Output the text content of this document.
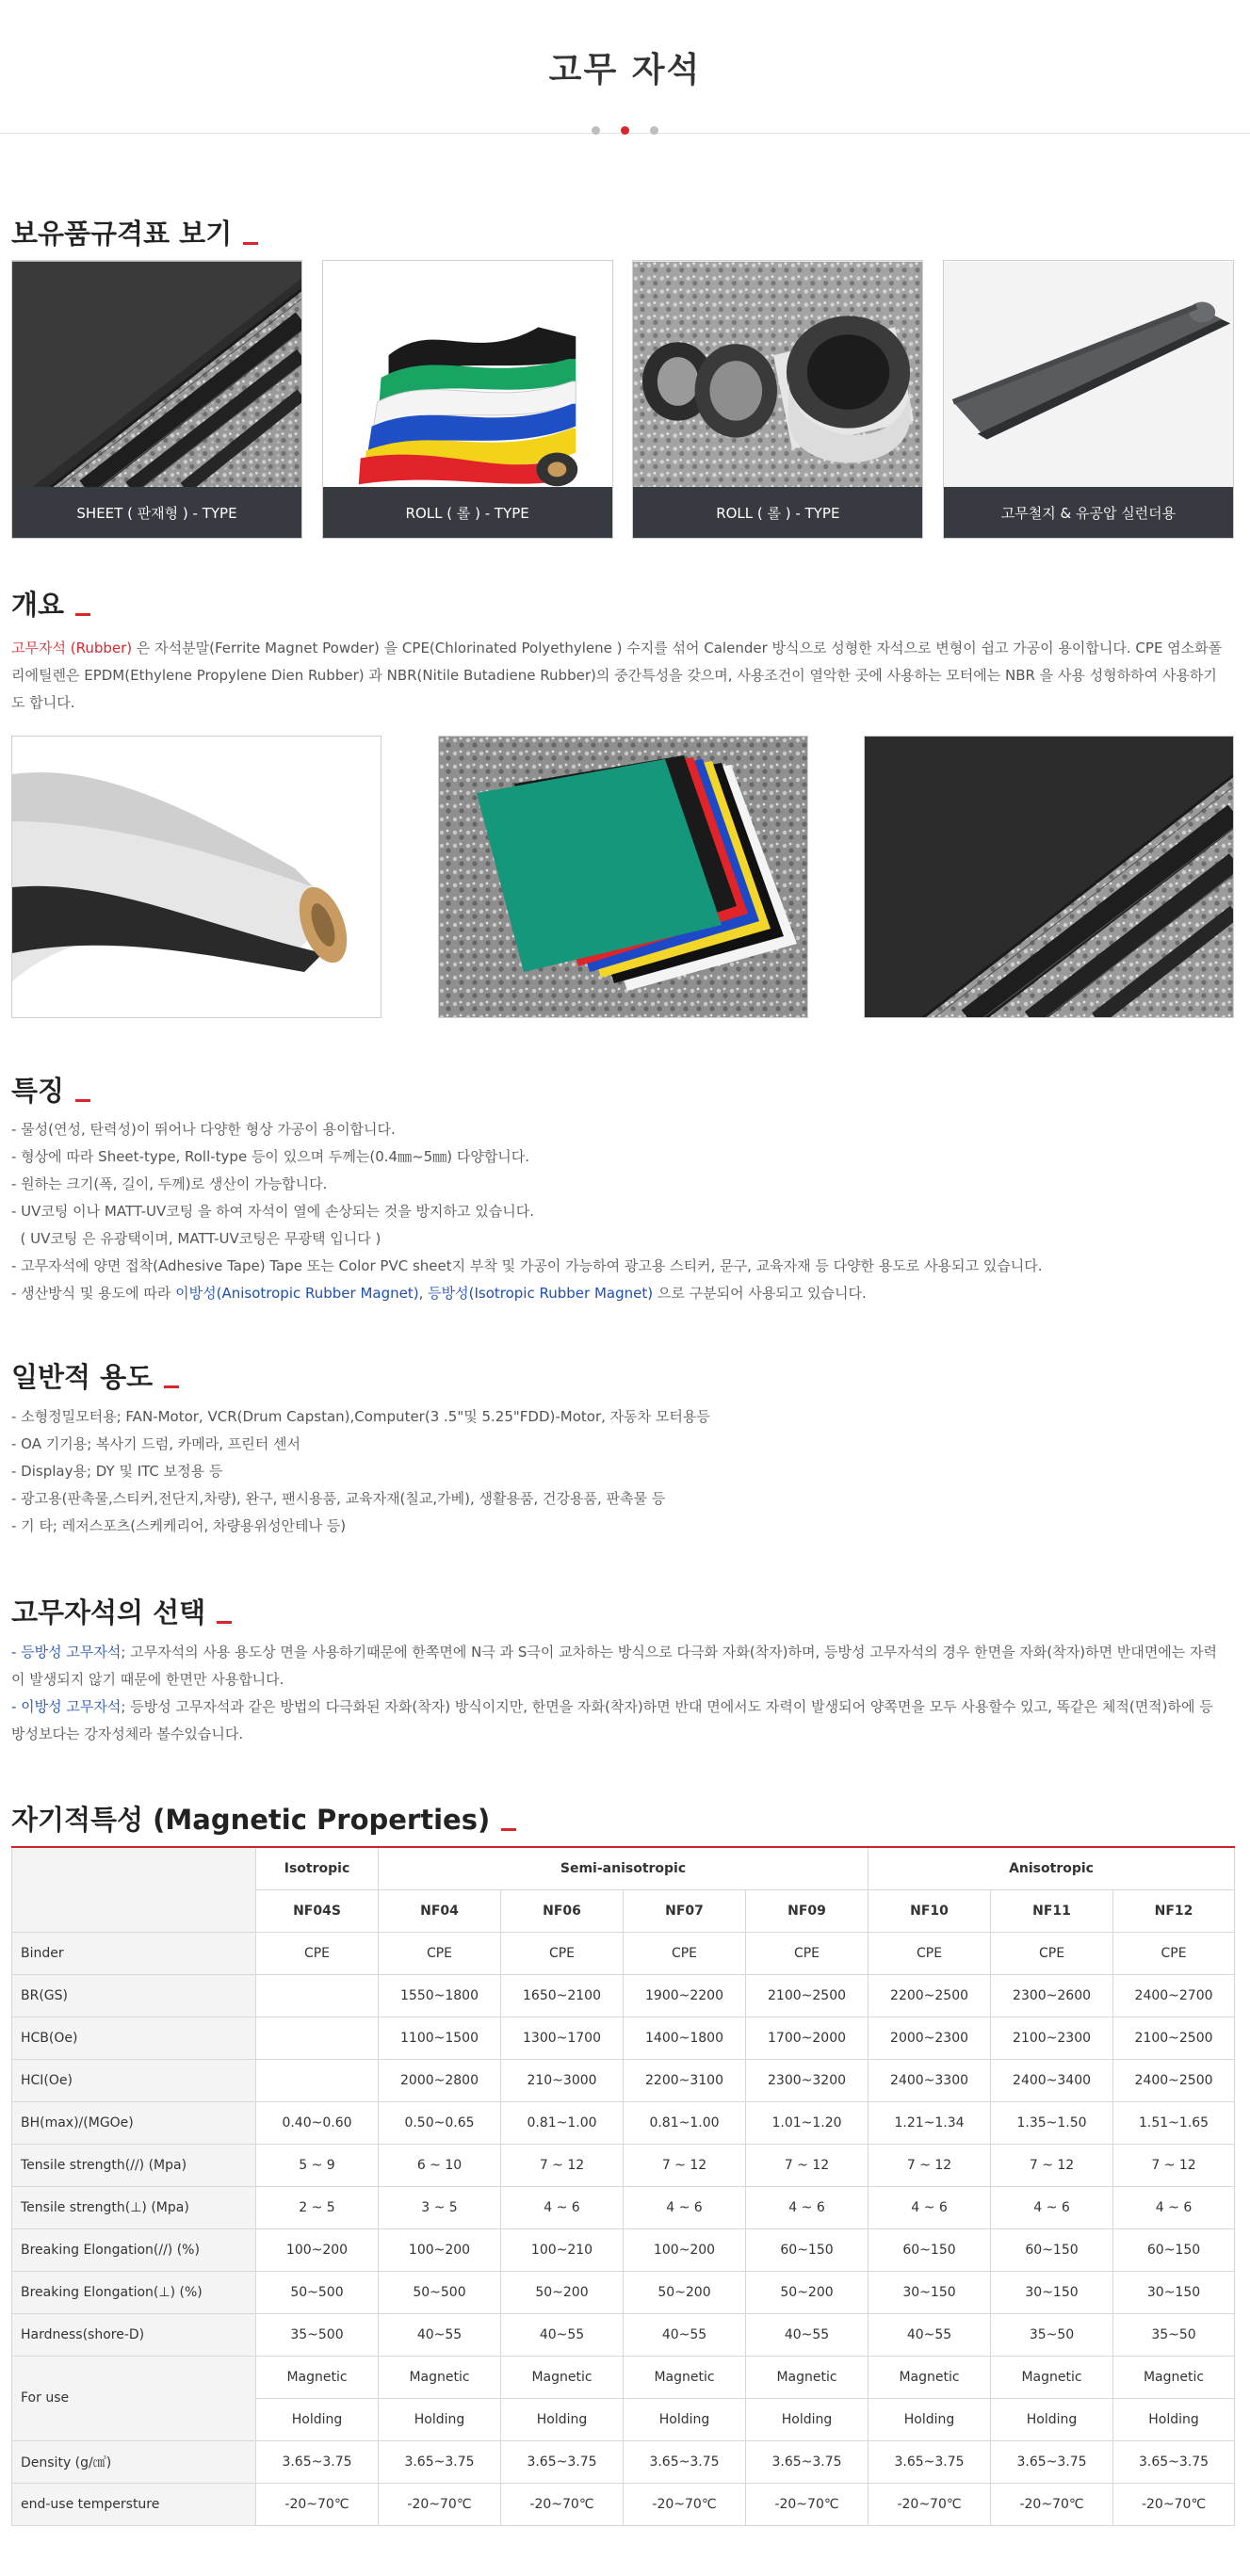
고무 자석
보유품규격표 보기
SHEET ( 판재형 ) - TYPE	ROLL ( 롤 ) - TYPE	ROLL ( 롤 ) - TYPE	고무철지 & 유공압 실런더용
개요

고무자석 (Rubber) 은 자석분말(Ferrite Magnet Powder) 을 CPE(Chlorinated Polyethylene ) 수지를 섞어 Calender 방식으로 성형한 자석으로 변형이 쉽고 가공이 용이합니다. CPE 염소화폴리에틸렌은 EPDM(Ethylene Propylene Dien Rubber) 과 NBR(Nitile Butadiene Rubber)의 중간특성을 갖으며, 사용조건이 열악한 곳에 사용하는 모터에는 NBR 을 사용 성형하하여 사용하기도 합니다.

특징
- 물성(연성, 탄력성)이 뛰어나 다양한 형상 가공이 용이합니다.
- 형상에 따라 Sheet-type, Roll-type 등이 있으며 두께는(0.4㎜~5㎜) 다양합니다.
- 원하는 크기(폭, 길이, 두께)로 생산이 가능합니다.
- UV코팅 이나 MATT-UV코팅 을 하여 자석이 열에 손상되는 것을 방지하고 있습니다.
( UV코팅 은 유광택이며, MATT-UV코팅은 무광택 입니다 )
- 고무자석에 양면 접착(Adhesive Tape) Tape 또는 Color PVC sheet지 부착 및 가공이 가능하여 광고용 스티커, 문구, 교육자재 등 다양한 용도로 사용되고 있습니다.
- 생산방식 및 용도에 따라 이방성(Anisotropic Rubber Magnet), 등방성(Isotropic Rubber Magnet) 으로 구분되어 사용되고 있습니다.
일반적 용도
- 소형정밀모터용; FAN-Motor, VCR(Drum Capstan),Computer(3 .5"및 5.25"FDD)-Motor, 자동차 모터용등
- OA 기기용; 복사기 드럼, 카메라, 프린터 센서
- Display용; DY 및 ITC 보정용 등
- 광고용(판촉물,스티커,전단지,차량), 완구, 팬시용품, 교육자재(칠교,가베), 생활용품, 건강용품, 판촉물 등
- 기 타; 레저스포츠(스케케리어, 차량용위성안테나 등)
고무자석의 선택

- 등방성 고무자석; 고무자석의 사용 용도상 면을 사용하기때문에 한쪽면에 N극 과 S극이 교차하는 방식으로 다극화 자화(착자)하며, 등방성 고무자석의 경우 한면을 자화(착자)하면 반대면에는 자력이 발생되지 않기 때문에 한면만 사용합니다.

- 이방성 고무자석; 등방성 고무자석과 같은 방법의 다극화된 자화(착자) 방식이지만, 한면을 자화(착자)하면 반대 면에서도 자력이 발생되어 양쪽면을 모두 사용할수 있고, 똑같은 체적(면적)하에 등방성보다는 강자성체라 볼수있습니다.

자기적특성 (Magnetic Properties)
	Isotropic	Semi-anisotropic				Anisotropic		
	NF04S	NF04	NF06	NF07	NF09	NF10	NF11	NF12
Binder	CPE	CPE	CPE	CPE	CPE	CPE	CPE	CPE
BR(GS)		1550~1800	1650~2100	1900~2200	2100~2500	2200~2500	2300~2600	2400~2700
HCB(Oe)		1100~1500	1300~1700	1400~1800	1700~2000	2000~2300	2100~2300	2100~2500
HCI(Oe)		2000~2800	210~3000	2200~3100	2300~3200	2400~3300	2400~3400	2400~2500
BH(max)/(MGOe)	0.40~0.60	0.50~0.65	0.81~1.00	0.81~1.00	1.01~1.20	1.21~1.34	1.35~1.50	1.51~1.65
Tensile strength(//) (Mpa)	5 ~ 9	6 ~ 10	7 ~ 12	7 ~ 12	7 ~ 12	7 ~ 12	7 ~ 12	7 ~ 12
Tensile strength(⊥) (Mpa)	2 ~ 5	3 ~ 5	4 ~ 6	4 ~ 6	4 ~ 6	4 ~ 6	4 ~ 6	4 ~ 6
Breaking Elongation(//) (%)	100~200	100~200	100~210	100~200	60~150	60~150	60~150	60~150
Breaking Elongation(⊥) (%)	50~500	50~500	50~200	50~200	50~200	30~150	30~150	30~150
Hardness(shore-D)	35~500	40~55	40~55	40~55	40~55	40~55	35~50	35~50
For use	Magnetic	Magnetic	Magnetic	Magnetic	Magnetic	Magnetic	Magnetic	Magnetic
	Holding	Holding	Holding	Holding	Holding	Holding	Holding	Holding
Density (g/㎤)	3.65~3.75	3.65~3.75	3.65~3.75	3.65~3.75	3.65~3.75	3.65~3.75	3.65~3.75	3.65~3.75
end-use tempersture	-20~70℃	-20~70℃	-20~70℃	-20~70℃	-20~70℃	-20~70℃	-20~70℃	-20~70℃
